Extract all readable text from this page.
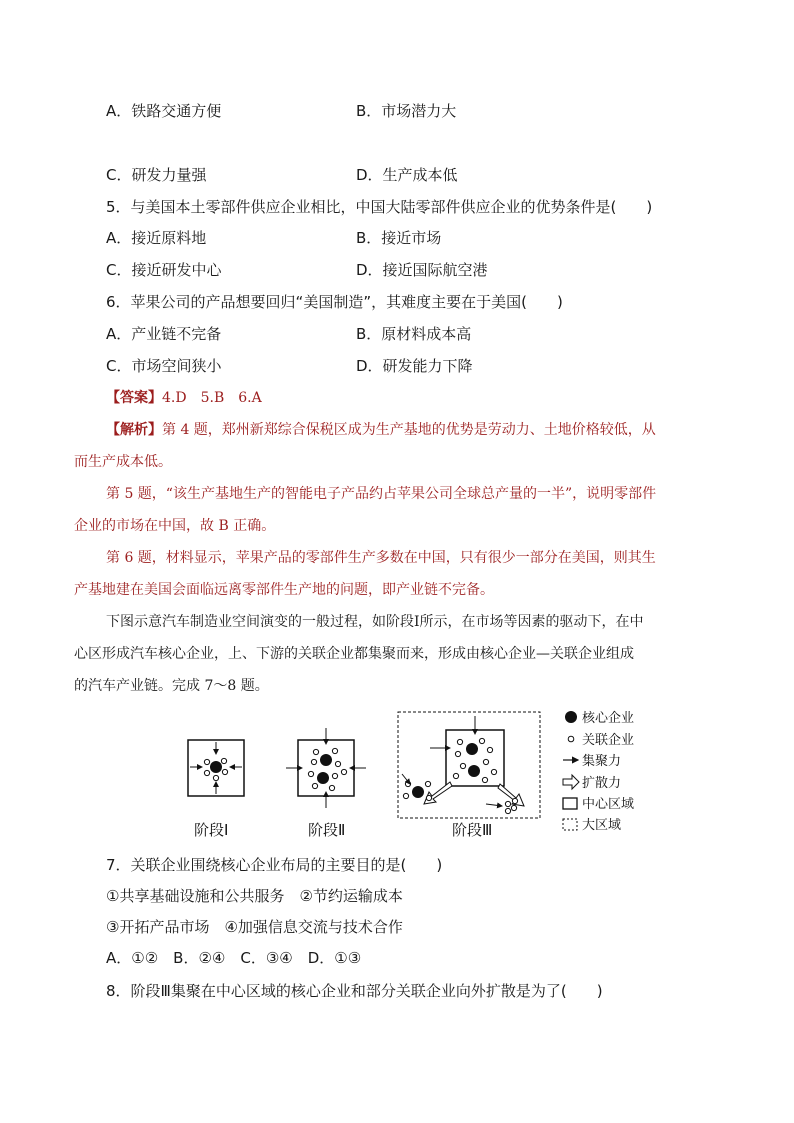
A．铁路交通方便	B．市场潜力大
C．研发力量强	D．生产成本低
5．与美国本土零部件供应企业相比，中国大陆零部件供应企业的优势条件是(　　)
A．接近原料地	B．接近市场
C．接近研发中心	D．接近国际航空港
6．苹果公司的产品想要回归“美国制造”，其难度主要在于美国(　　)
A．产业链不完备	B．原材料成本高
C．市场空间狭小	D．研发能力下降
【答案】4.D　5.B　6.A
【解析】第 4 题，郑州新郑综合保税区成为生产基地的优势是劳动力、土地价格较低，从
而生产成本低。
第 5 题，“该生产基地生产的智能电子产品约占苹果公司全球总产量的一半”，说明零部件
企业的市场在中国，故 B 正确。
第 6 题，材料显示，苹果产品的零部件生产多数在中国，只有很少一部分在美国，则其生
产基地建在美国会面临远离零部件生产地的问题，即产业链不完备。
下图示意汽车制造业空间演变的一般过程，如阶段Ⅰ所示，在市场等因素的驱动下，在中
心区形成汽车核心企业，上、下游的关联企业都集聚而来，形成由核心企业—关联企业组成
的汽车产业链。完成 7～8 题。
阶段Ⅰ	阶段Ⅱ	阶段Ⅲ
核心企业
关联企业
集聚力
扩散力
中心区域
大区域
7．关联企业围绕核心企业布局的主要目的是(　　)
①共享基础设施和公共服务　②节约运输成本
③开拓产品市场　④加强信息交流与技术合作
A．①②　B．②④　C．③④　D．①③
8．阶段Ⅲ集聚在中心区域的核心企业和部分关联企业向外扩散是为了(　　)
